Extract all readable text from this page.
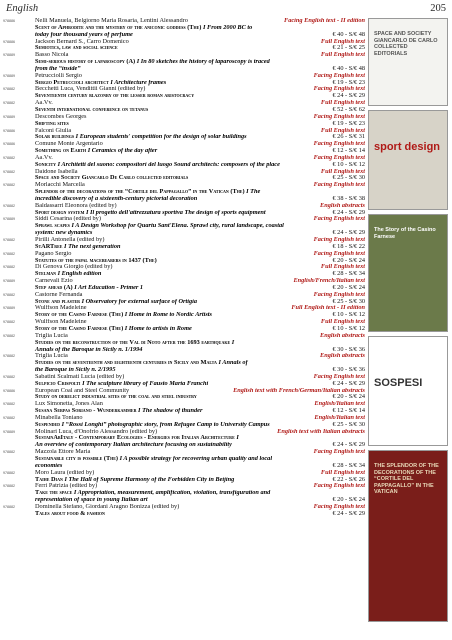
English	205
978886	Nelli Manuela, Belgiorno Maria Rosaria, Lentini Alessandro	Facing English text - II edition
Scent of Aphrodite and the mystery of the aniconic goddess (The) I From 2000 BC to
today four thousand years of perfume	€ 40 - S/€ 48
978886	Jackson Bernard S., Carro Domenico	Full English text
Semiotics, law and social science	€ 21 - S/€ 25
978889	Basso Nicola	Full English text
Semi-serious history of laparoscopy (A) I In 80 sketches the history of laparoscopy is traced
from the “inside”	€ 40 - S/€ 48
978889	Petrucciolli Sergio	Facing English text
Sergio Petruccioli architect I Architecture frames	€ 19 - S/€ 23
978882	Becchetti Luca, Vendittii Gianni (edited by)	Facing English text
Seventeenth century blazonry of the lesser roman aristocracy	€ 24 - S/€ 29
978882	Aa.Vv.	Full English text
Seventh international conference on tetanus	€ 52 - S/€ 62
978889	Descombes Georges	Facing English text
Shifting sites	€ 19 - S/€ 23
978886	Falconi Giulia	Full English text
Solar buildings I European students' competition for the design of solar buildings	€ 26 - S/€ 31
978886	Comune Monte Argentario	Facing English text
Something on Earth I Ceramics of the day after	€ 12 - S/€ 14
978882	Aa.Vv.	Facing English text
Sonicity I Architetti del suono: compositori del luogo Sound architects: composers of the place	€ 10 - S/€ 12
978882	Daidone Isabella	Full English text
Space and Society Giancarlo De Carlo collected editorials	€ 25 - S/€ 30
978882	Morlacchi Marcella	Facing English text
Splendor of the decorations of the “Cortile del Pappagallo” in the Vatican (The) I The
incredible discovery of a sixteenth-century pictorial decoration	€ 38 - S/€ 38
978882	Baldassarri Eleonora (edited by)	English abstracts
Sport design system I Il progetto dell'attrezzatura sportiva The design of sports equipment	€ 24 - S/€ 29
978889	Siddi Cesarina (edited by)	Facing English text
Sprawl scapes I A Design Workshop for Quartu Sant'Elena. Sprawl city, rural landscape, coastal
system: new dynamics	€ 24 - S/€ 29
978882	Pirilli Antonella (edited by)	Facing English text
StARTree I The next generation	€ 18 - S/€ 22
978882	Pagano Sergio	Facing English text
Statutes of the papal macebearers in 1437 (The)	€ 20 - S/€ 24
978882	Di Genova Giorgio (edited by)	Full English text
Stelman I English edition	€ 28 - S/€ 34
978889	Carnevali Ezio	English/French/Italian text
Step ahead (A) I Art Education - Primer 1	€ 20 - S/€ 24
978882	Castorne Fernanda	Facing English text
Stone and plaster I Observatory for external surface of Ortigia	€ 25 - S/€ 30
978889	Wulffson Madeleine	Full English text - II edition
Story of the Casino Farnese (The) I Home in Rome to Nordic Artists	€ 10 - S/€ 12
978882	Wulffson Madeleine	Full English text
Story of the Casino Farnese (The) I Home to artists in Rome	€ 10 - S/€ 12
978882	Triglia Lucia	English abstracts
Studies on the reconstruction of the Val di Noto after the 1693 earthquake I
Annals of the Baroque in Sicily n. 1/1994	€ 30 - S/€ 36
978882	Triglia Lucia	English abstracts
Studies on the seventeenth and eighteenth centuries in Sicily and Malta I Annals of
the Baroque in Sicily n. 2/1995	€ 30 - S/€ 36
978882	Sabatini Scalmati Lucia (edited by)	Facing English text
Sulpicio Crispolti I The sculpture library of Fausto Maria Franchi	€ 24 - S/€ 29
978886	European Coal and Steel Community	English text with French/German/Italian abstracts
Study on derelict industrial sites of the coal and steel industry	€ 20 - S/€ 24
978882	Lux Simonetta, Jones Alan	English/Italian text
Susana Serpas Soriano - Wunderkammer I The shadow of thunder	€ 12 - S/€ 14
978882	Minabella Toniano	English/Italian text
Suspended I “Rossi Longhi” photographic story, from Refugee Camp to University Campus	€ 25 - S/€ 30
978889	Molinari Luca, d'Onofrio Alessandro (edited by)	English text with Italian abstracts
SustainAbItaly - Contemporary Ecologies - Energies for Italian Architecture I
An overview of contemporary Italian architecture focusing on sustainability	€ 24 - S/€ 29
978882	Mazzola Ettore Maria	Facing English text
Sustainable city is possible (The) I A possible strategy for recovering urban quality and local
economies	€ 28 - S/€ 34
978882	Moro Laura (edited by)	Full English text
Taihe Dian I The Hall of Supreme Harmony of the Forbidden City in Beijing	€ 22 - S/€ 26
978882	Ferri Patrizia (edited by)	Facing English text
Take the space I Appropriation, measurement, amplification, violation, transfiguration and
representation of space in young Italian art	€ 20 - S/€ 24
978882	Dominella Stefano, Giordani Aragno Bonizza (edited by)	Facing English text
Tales about food & fashion	€ 24 - S/€ 29
SPACE AND SOCIETY GIANCARLO DE CARLO COLLECTED EDITORIALS
sport design
The Story of the Casino Farnese
SOSPESI
THE SPLENDOR OF THE DECORATIONS OF THE “CORTILE DEL PAPPAGALLO” IN THE VATICAN
